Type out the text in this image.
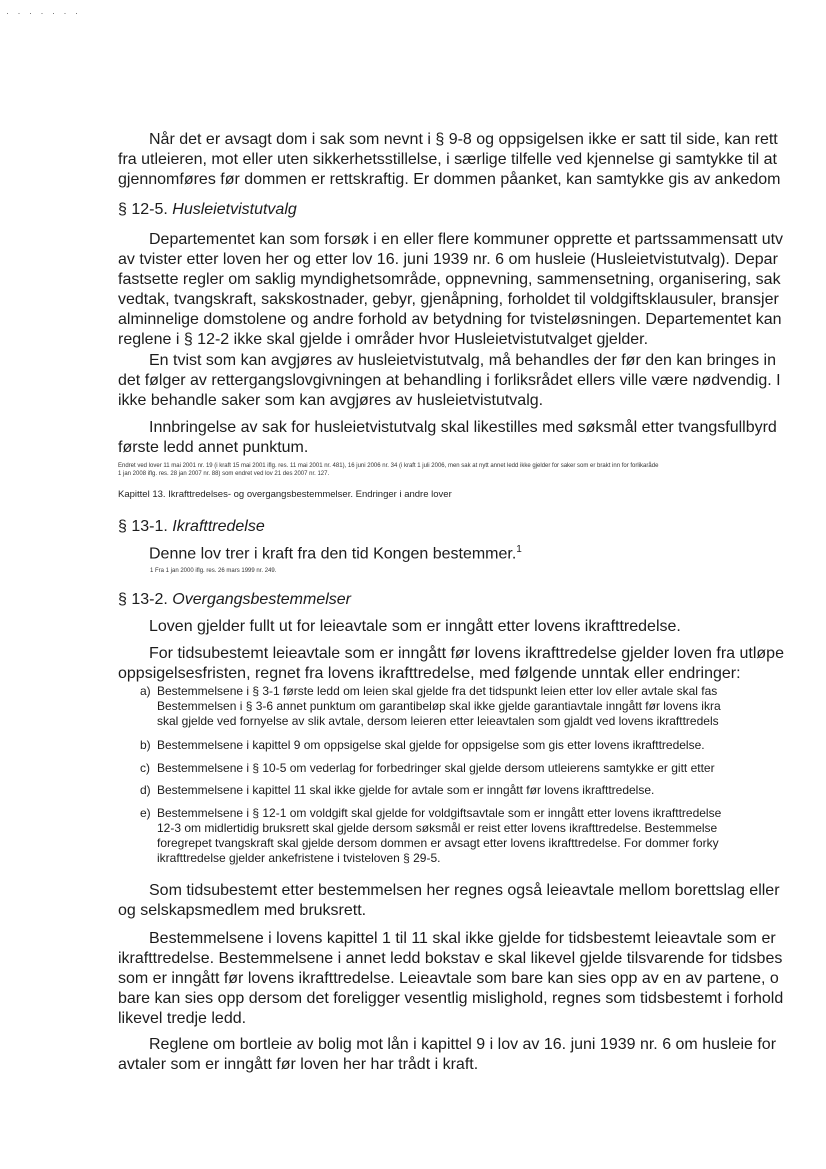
· · · · · · ·
Når det er avsagt dom i sak som nevnt i § 9-8 og oppsigelsen ikke er satt til side, kan rett
fra utleieren, mot eller uten sikkerhetsstillelse, i særlige tilfelle ved kjennelse gi samtykke til at
gjennomføres før dommen er rettskraftig. Er dommen påanket, kan samtykke gis av ankedom
§ 12-5. Husleietvistutvalg
Departementet kan som forsøk i en eller flere kommuner opprette et partssammensatt utv
av tvister etter loven her og etter lov 16. juni 1939 nr. 6 om husleie (Husleietvistutvalg). Depar
fastsette regler om saklig myndighetsområde, oppnevning, sammensetning, organisering, sak
vedtak, tvangskraft, sakskostnader, gebyr, gjenåpning, forholdet til voldgiftsklausuler, bransjer
alminnelige domstolene og andre forhold av betydning for tvisteløsningen. Departementet kan
reglene i § 12-2 ikke skal gjelde i områder hvor Husleietvistutvalget gjelder.
En tvist som kan avgjøres av husleietvistutvalg, må behandles der før den kan bringes in
det følger av rettergangslovgivningen at behandling i forliksrådet ellers ville være nødvendig. I
ikke behandle saker som kan avgjøres av husleietvistutvalg.
Innbringelse av sak for husleietvistutvalg skal likestilles med søksmål etter tvangsfullbyrd
første ledd annet punktum.
Endret ved lover 11 mai 2001 nr. 19 (i kraft 15 mai 2001 iflg. res. 11 mai 2001 nr. 481), 16 juni 2006 nr. 34 (i kraft 1 juli 2006, men sak at nytt annet ledd ikke gjelder for saker som er brakt inn for forlikaråde
1 jan 2008 iflg. res. 28 jan 2007 nr. 88) som endret ved lov 21 des 2007 nr. 127.
Kapittel 13. Ikrafttredelses- og overgangsbestemmelser. Endringer i andre lover
§ 13-1. Ikrafttredelse
Denne lov trer i kraft fra den tid Kongen bestemmer.$^1$
1 Fra 1 jan 2000 iflg. res. 26 mars 1999 nr. 249.
§ 13-2. Overgangsbestemmelser
Loven gjelder fullt ut for leieavtale som er inngått etter lovens ikrafttredelse.
For tidsubestemt leieavtale som er inngått før lovens ikrafttredelse gjelder loven fra utløpe
oppsigelsesfristen, regnet fra lovens ikrafttredelse, med følgende unntak eller endringer:
a) Bestemmelsene i § 3-1 første ledd om leien skal gjelde fra det tidspunkt leien etter lov eller avtale skal fas
Bestemmelsen i § 3-6 annet punktum om garantibeløp skal ikke gjelde garantiavtale inngått før lovens ikra
skal gjelde ved fornyelse av slik avtale, dersom leieren etter leieavtalen som gjaldt ved lovens ikrafttredels
b) Bestemmelsene i kapittel 9 om oppsigelse skal gjelde for oppsigelse som gis etter lovens ikrafttredelse.
c) Bestemmelsene i § 10-5 om vederlag for forbedringer skal gjelde dersom utleierens samtykke er gitt etter
d) Bestemmelsene i kapittel 11 skal ikke gjelde for avtale som er inngått før lovens ikrafttredelse.
e) Bestemmelsene i § 12-1 om voldgift skal gjelde for voldgiftsavtale som er inngått etter lovens ikrafttredelse
12-3 om midlertidig bruksrett skal gjelde dersom søksmål er reist etter lovens ikrafttredelse. Bestemmelse
foregrepet tvangskraft skal gjelde dersom dommen er avsagt etter lovens ikrafttredelse. For dommer forky
ikrafttredelse gjelder ankefristene i tvisteloven § 29-5.
Som tidsubestemt etter bestemmelsen her regnes også leieavtale mellom borettslag eller
og selskapsmedlem med bruksrett.
Bestemmelsene i lovens kapittel 1 til 11 skal ikke gjelde for tidsbestemt leieavtale som er
ikrafttredelse. Bestemmelsene i annet ledd bokstav e skal likevel gjelde tilsvarende for tidsbes
som er inngått før lovens ikrafttredelse. Leieavtale som bare kan sies opp av en av partene, o
bare kan sies opp dersom det foreligger vesentlig mislighold, regnes som tidsbestemt i forhold
likevel tredje ledd.
Reglene om bortleie av bolig mot lån i kapittel 9 i lov av 16. juni 1939 nr. 6 om husleie for
avtaler som er inngått før loven her har trådt i kraft.
